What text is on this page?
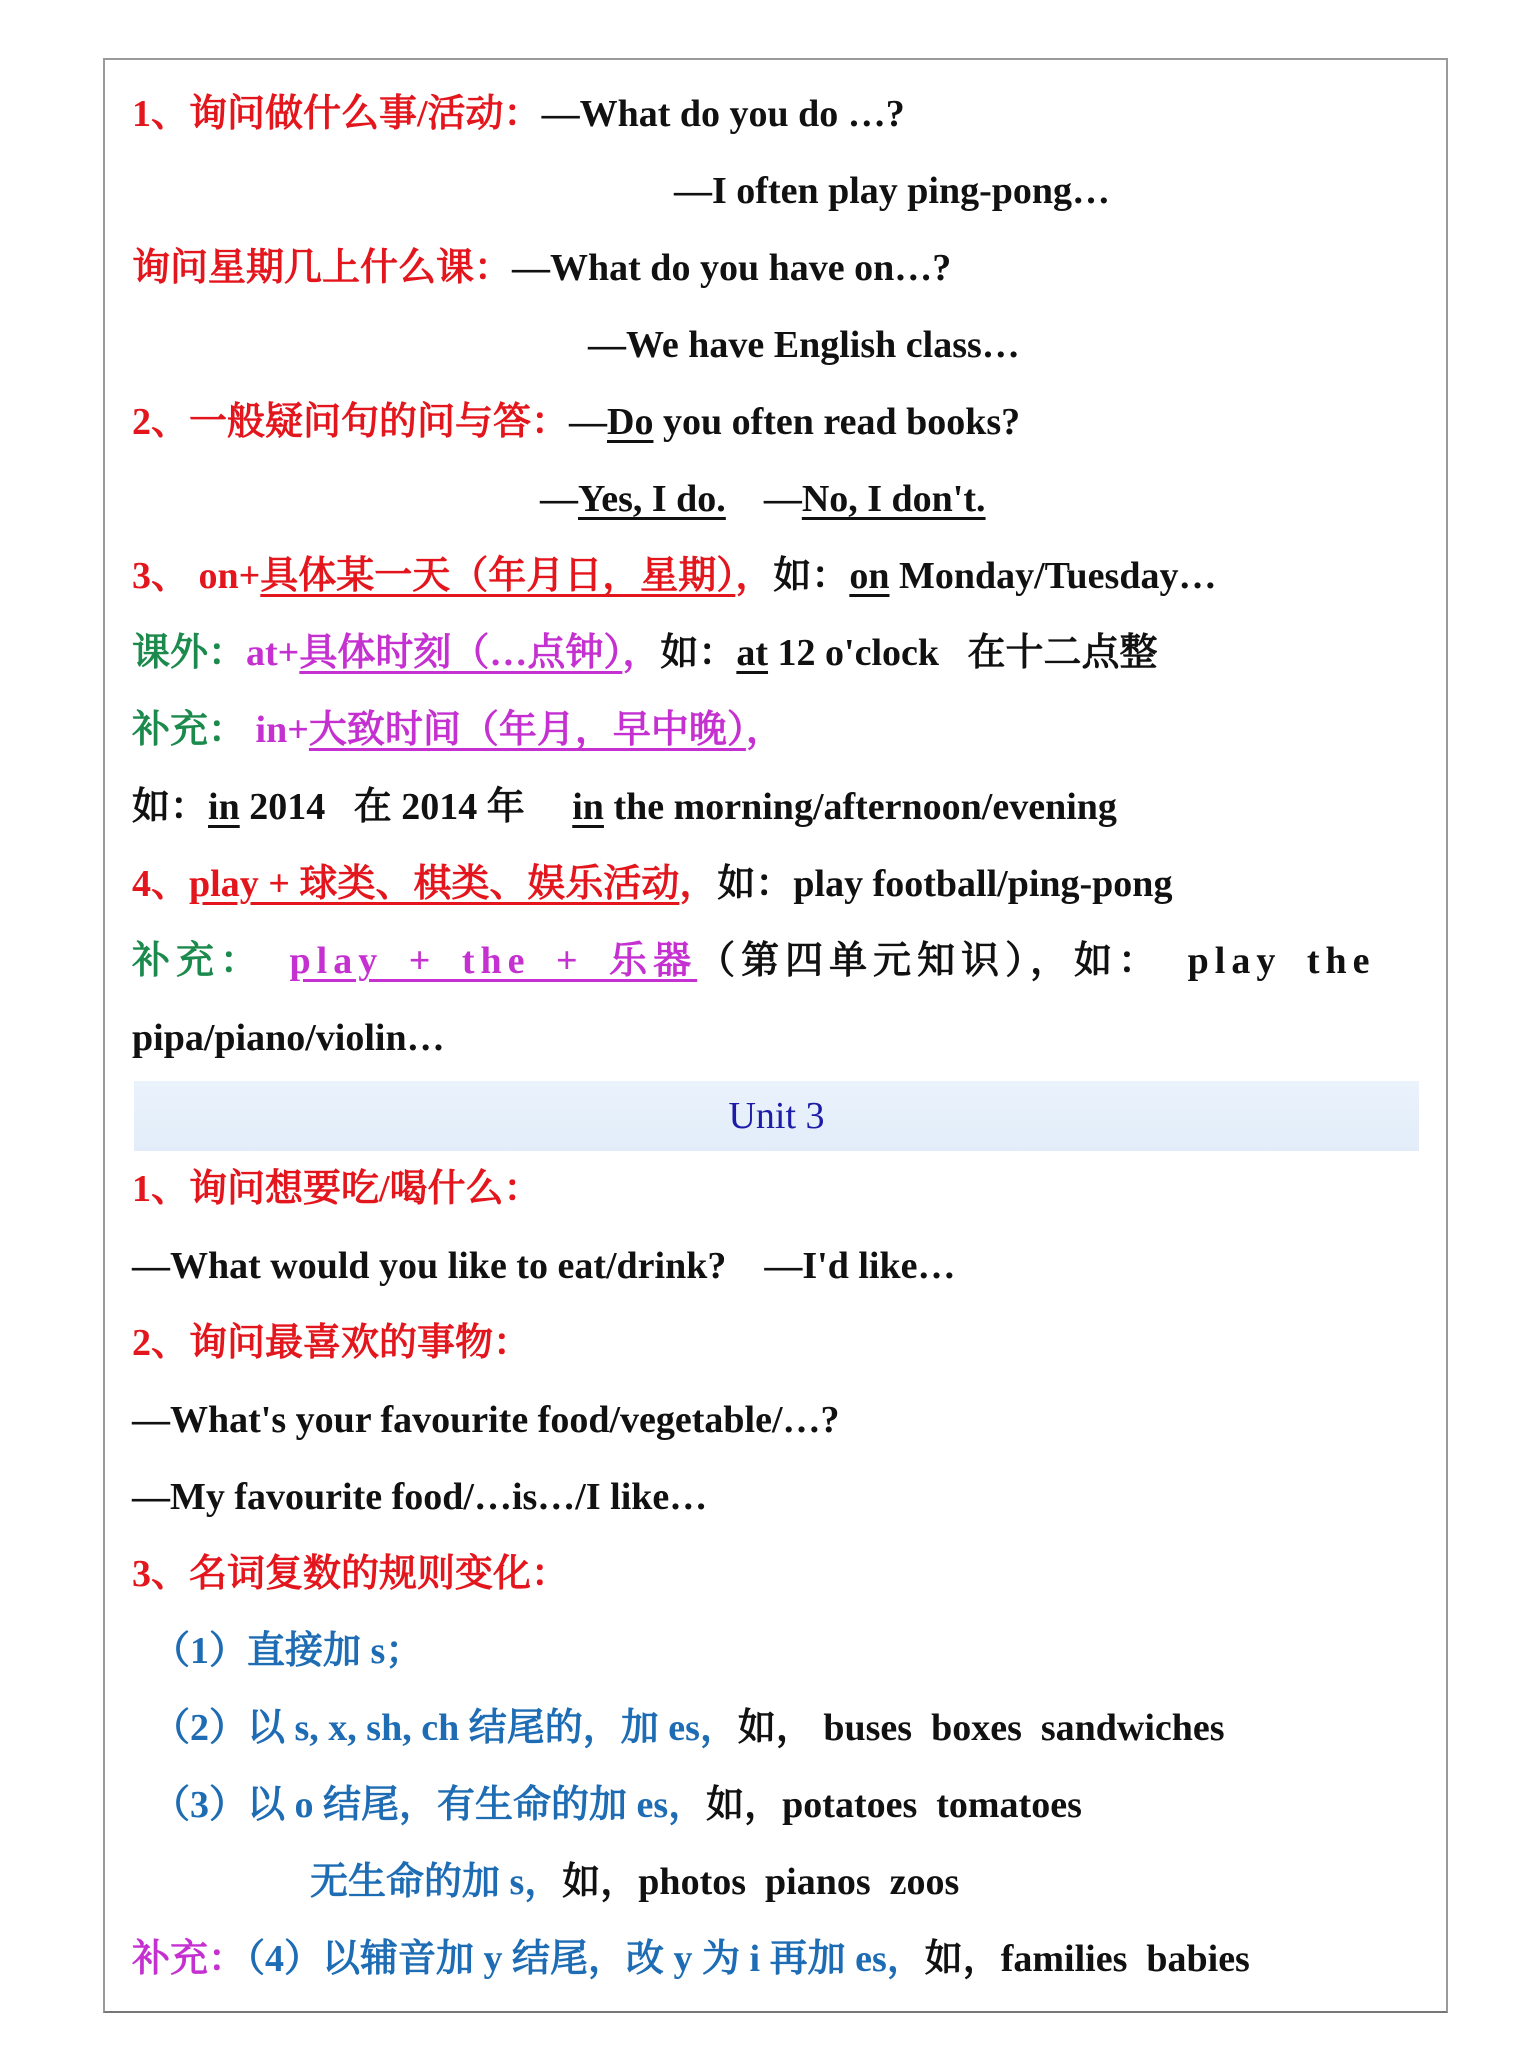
1、询问做什么事/活动：—What do you do …?
—I often play ping-pong…
询问星期几上什么课：—What do you have on…?
—We have English class…
2、一般疑问句的问与答：—Do you often read books?
—Yes, I do.    —No, I don't.
3、 on+具体某一天（年月日，星期），如：on Monday/Tuesday…
课外：at+具体时刻（…点钟），如：at 12 o'clock   在十二点整
补充： in+大致时间（年月，早中晚），
如：in 2014   在 2014 年     in the morning/afternoon/evening
4、play + 球类、棋类、娱乐活动，如：play football/ping-pong
补充： play + the + 乐器（第四单元知识），如： play the
pipa/piano/violin…
Unit 3
1、询问想要吃/喝什么：
—What would you like to eat/drink?    —I'd like…
2、询问最喜欢的事物：
—What's your favourite food/vegetable/…?
—My favourite food/…is…/I like…
3、名词复数的规则变化：
（1）直接加 s；
（2）以 s, x, sh, ch 结尾的，加 es，如， buses  boxes  sandwiches
（3）以 o 结尾，有生命的加 es，如，potatoes  tomatoes
无生命的加 s，如，photos  pianos  zoos
补充：（4）以辅音加 y 结尾，改 y 为 i 再加 es，如，families  babies
